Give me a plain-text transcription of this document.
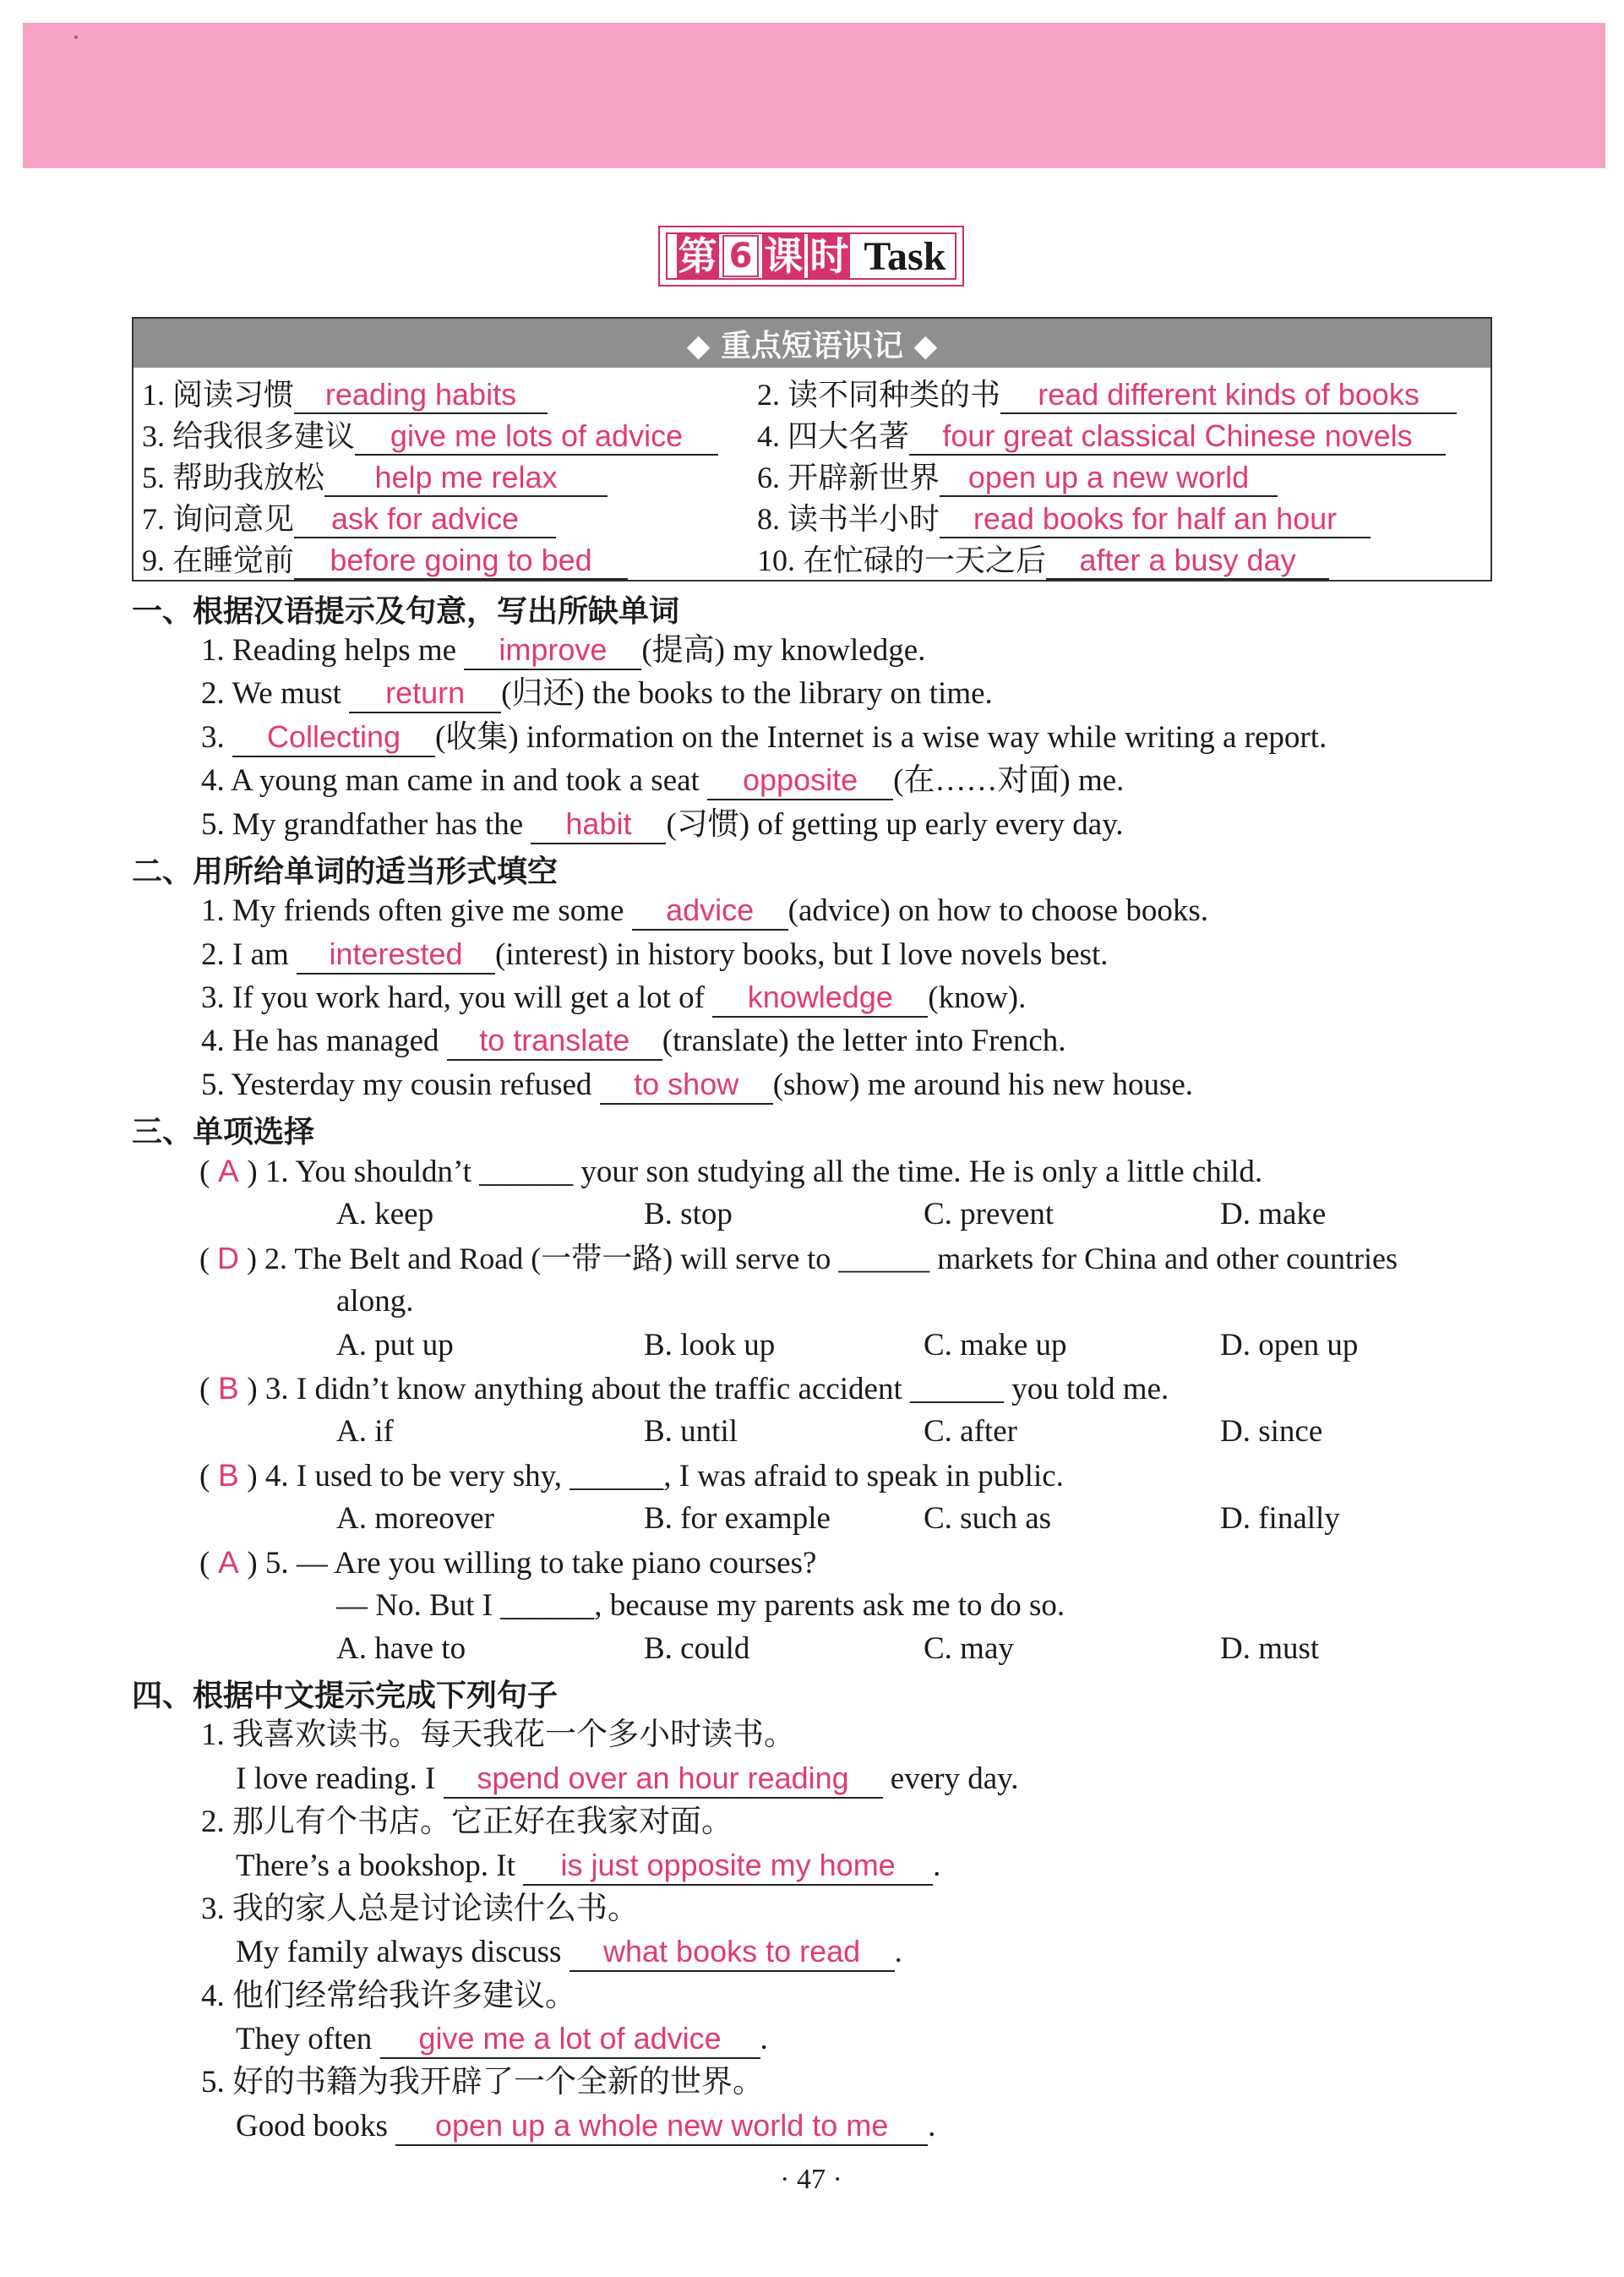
第 6 课 时 Task
◆ 重点短语识记 ◆
1. 阅读习惯 reading habits	2. 读不同种类的书 read different kinds of books
3. 给我很多建议 give me lots of advice	4. 四大名著 four great classical Chinese novels
5. 帮助我放松 help me relax	6. 开辟新世界 open up a new world
7. 询问意见 ask for advice	8. 读书半小时 read books for half an hour
9. 在睡觉前 before going to bed	10. 在忙碌的一天之后 after a busy day
一、根据汉语提示及句意，写出所缺单词
1. Reading helps me improve (提高) my knowledge.
2. We must return (归还) the books to the library on time.
3. Collecting (收集) information on the Internet is a wise way while writing a report.
4. A young man came in and took a seat opposite (在……对面) me.
5. My grandfather has the habit (习惯) of getting up early every day.
二、用所给单词的适当形式填空
1. My friends often give me some advice (advice) on how to choose books.
2. I am interested (interest) in history books, but I love novels best.
3. If you work hard, you will get a lot of knowledge (know).
4. He has managed to translate (translate) the letter into French.
5. Yesterday my cousin refused to show (show) me around his new house.
三、单项选择
( A ) 1. You shouldn’t ______ your son studying all the time. He is only a little child.
A. keep	B. stop	C. prevent	D. make
( D ) 2. The Belt and Road (一带一路) will serve to ______ markets for China and other countries
along.
A. put up	B. look up	C. make up	D. open up
( B ) 3. I didn’t know anything about the traffic accident ______ you told me.
A. if	B. until	C. after	D. since
( B ) 4. I used to be very shy, ______, I was afraid to speak in public.
A. moreover	B. for example	C. such as	D. finally
( A ) 5. — Are you willing to take piano courses?
— No. But I ______, because my parents ask me to do so.
A. have to	B. could	C. may	D. must
四、根据中文提示完成下列句子
1. 我喜欢读书。每天我花一个多小时读书。
I love reading. I spend over an hour reading every day.
2. 那儿有个书店。它正好在我家对面。
There’s a bookshop. It is just opposite my home .
3. 我的家人总是讨论读什么书。
My family always discuss what books to read .
4. 他们经常给我许多建议。
They often give me a lot of advice .
5. 好的书籍为我开辟了一个全新的世界。
Good books open up a whole new world to me .
· 47 ·
